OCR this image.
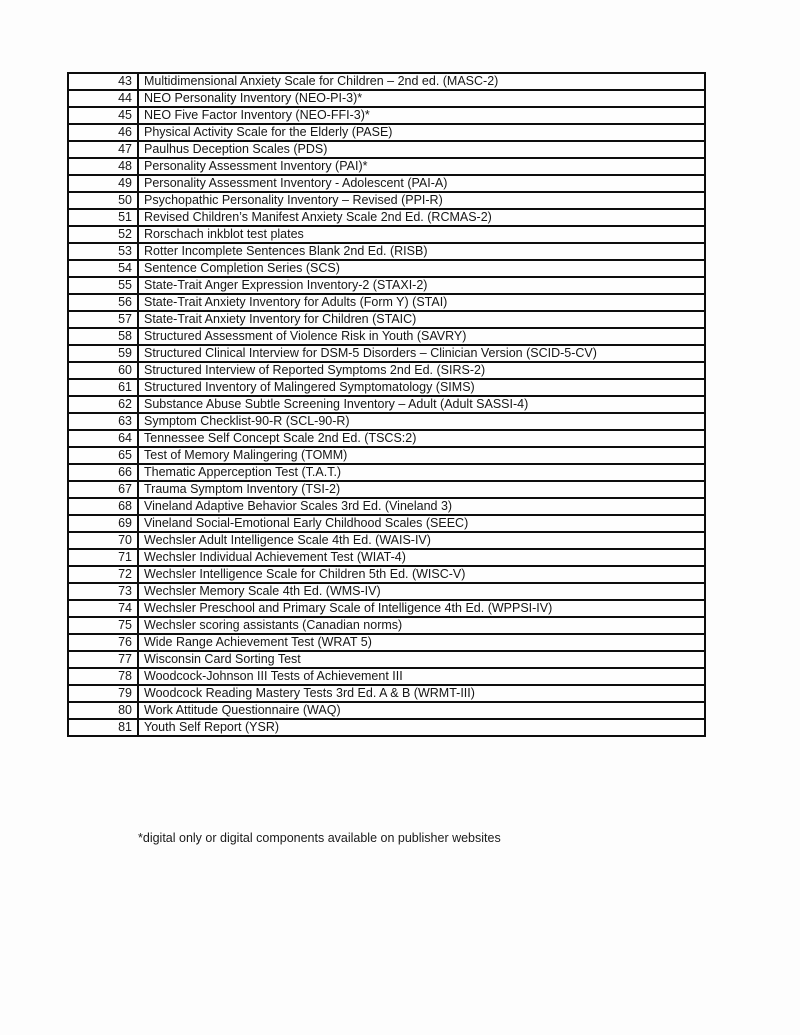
43	Multidimensional Anxiety Scale for Children – 2nd ed. (MASC-2)
44	NEO Personality Inventory (NEO-PI-3)*
45	NEO Five Factor Inventory (NEO-FFI-3)*
46	Physical Activity Scale for the Elderly (PASE)
47	Paulhus Deception Scales (PDS)
48	Personality Assessment Inventory (PAI)*
49	Personality Assessment Inventory - Adolescent (PAI-A)
50	Psychopathic Personality Inventory – Revised (PPI-R)
51	Revised Children’s Manifest Anxiety Scale 2nd Ed. (RCMAS-2)
52	Rorschach inkblot test plates
53	Rotter Incomplete Sentences Blank 2nd Ed. (RISB)
54	Sentence Completion Series (SCS)
55	State-Trait Anger Expression Inventory-2 (STAXI-2)
56	State-Trait Anxiety Inventory for Adults (Form Y) (STAI)
57	State-Trait Anxiety Inventory for Children (STAIC)
58	Structured Assessment of Violence Risk in Youth (SAVRY)
59	Structured Clinical Interview for DSM-5 Disorders – Clinician Version (SCID-5-CV)
60	Structured Interview of Reported Symptoms 2nd Ed. (SIRS-2)
61	Structured Inventory of Malingered Symptomatology (SIMS)
62	Substance Abuse Subtle Screening Inventory – Adult (Adult SASSI-4)
63	Symptom Checklist-90-R (SCL-90-R)
64	Tennessee Self Concept Scale 2nd Ed. (TSCS:2)
65	Test of Memory Malingering (TOMM)
66	Thematic Apperception Test (T.A.T.)
67	Trauma Symptom Inventory (TSI-2)
68	Vineland Adaptive Behavior Scales 3rd Ed. (Vineland 3)
69	Vineland Social-Emotional Early Childhood Scales (SEEC)
70	Wechsler Adult Intelligence Scale 4th Ed. (WAIS-IV)
71	Wechsler Individual Achievement Test (WIAT-4)
72	Wechsler Intelligence Scale for Children 5th Ed. (WISC-V)
73	Wechsler Memory Scale 4th Ed. (WMS-IV)
74	Wechsler Preschool and Primary Scale of Intelligence 4th Ed. (WPPSI-IV)
75	Wechsler scoring assistants (Canadian norms)
76	Wide Range Achievement Test (WRAT 5)
77	Wisconsin Card Sorting Test
78	Woodcock-Johnson III Tests of Achievement III
79	Woodcock Reading Mastery Tests 3rd Ed. A & B (WRMT-III)
80	Work Attitude Questionnaire (WAQ)
81	Youth Self Report (YSR)
*digital only or digital components available on publisher websites
